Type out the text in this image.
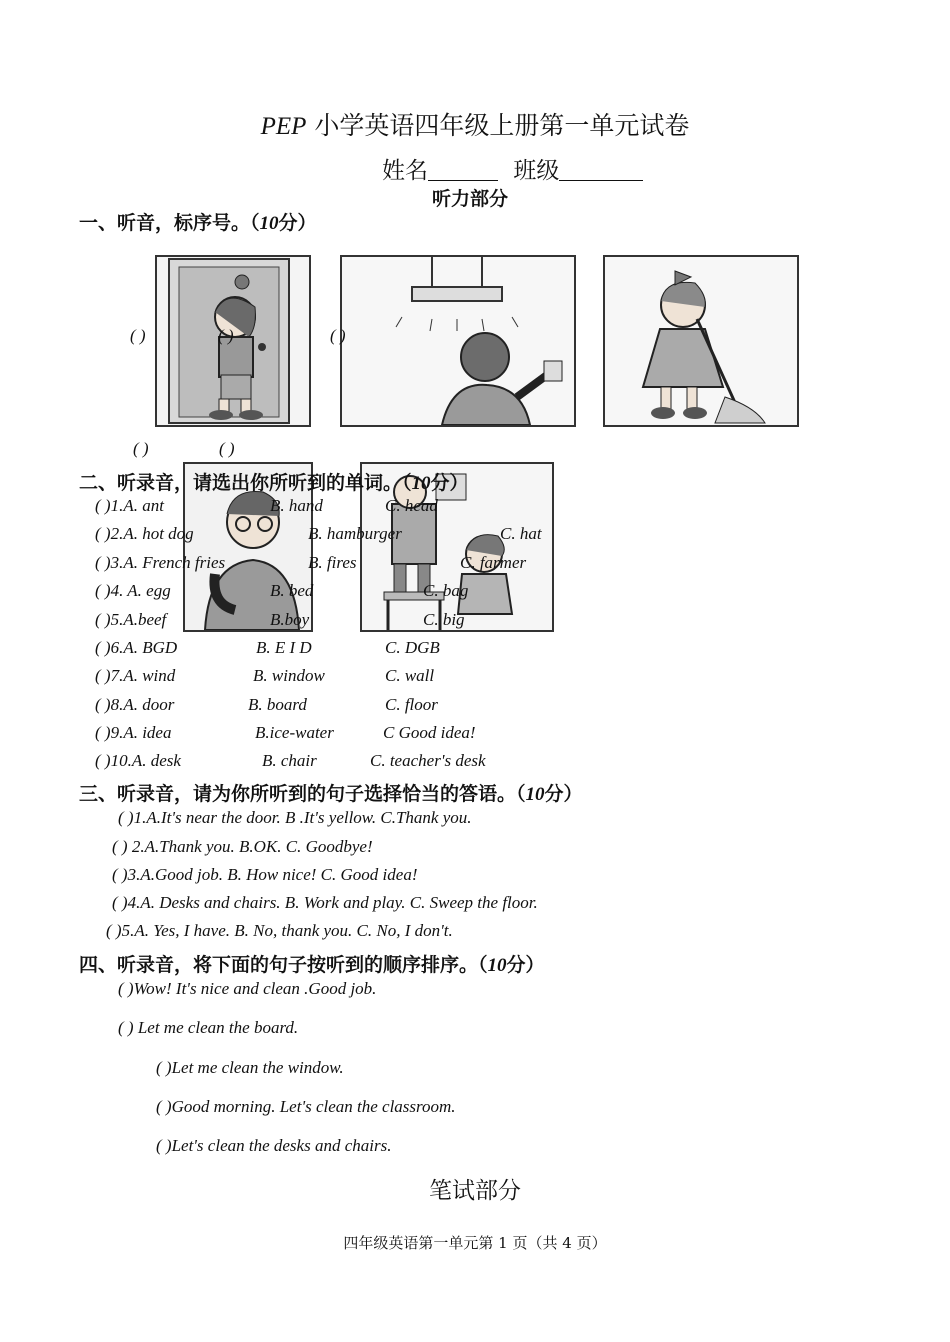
PEP 小学英语四年级上册第一单元试卷
姓名	班级
听力部分
一、听音，标序号。（10分）
( )	( )	( )
( )	( )
二、听录音，请选出你所听到的单词。（10分）
( )1.A. ant	B. hand	C. head
( )2.A. hot dog	B. hamburger	C. hat
( )3.A. French fries	B. fires	C. farmer
( )4. A. egg	B. bed	C. bag
( )5.A.beef	B.boy	C. big
( )6.A. BGD	B. E I D	C. DGB
( )7.A. wind	B. window	C. wall
( )8.A. door	B. board	C. floor
( )9.A. idea	B.ice-water	C Good idea!
( )10.A. desk	B. chair	C. teacher's desk
三、听录音，请为你所听到的句子选择恰当的答语。（10分）
( )1.A.It's near the door. B .It's yellow. C.Thank you.
( ) 2.A.Thank you. B.OK. C. Goodbye!
( )3.A.Good job. B. How nice! C. Good idea!
( )4.A. Desks and chairs. B. Work and play. C. Sweep the floor.
( )5.A. Yes, I have. B. No, thank you. C. No, I don't.
四、听录音，将下面的句子按听到的顺序排序。（10分）
( )Wow! It's nice and clean .Good job.
( ) Let me clean the board.
( )Let me clean the window.
( )Good morning. Let's clean the classroom.
( )Let's clean the desks and chairs.
笔试部分
四年级英语第一单元第 1 页（共 4 页）
